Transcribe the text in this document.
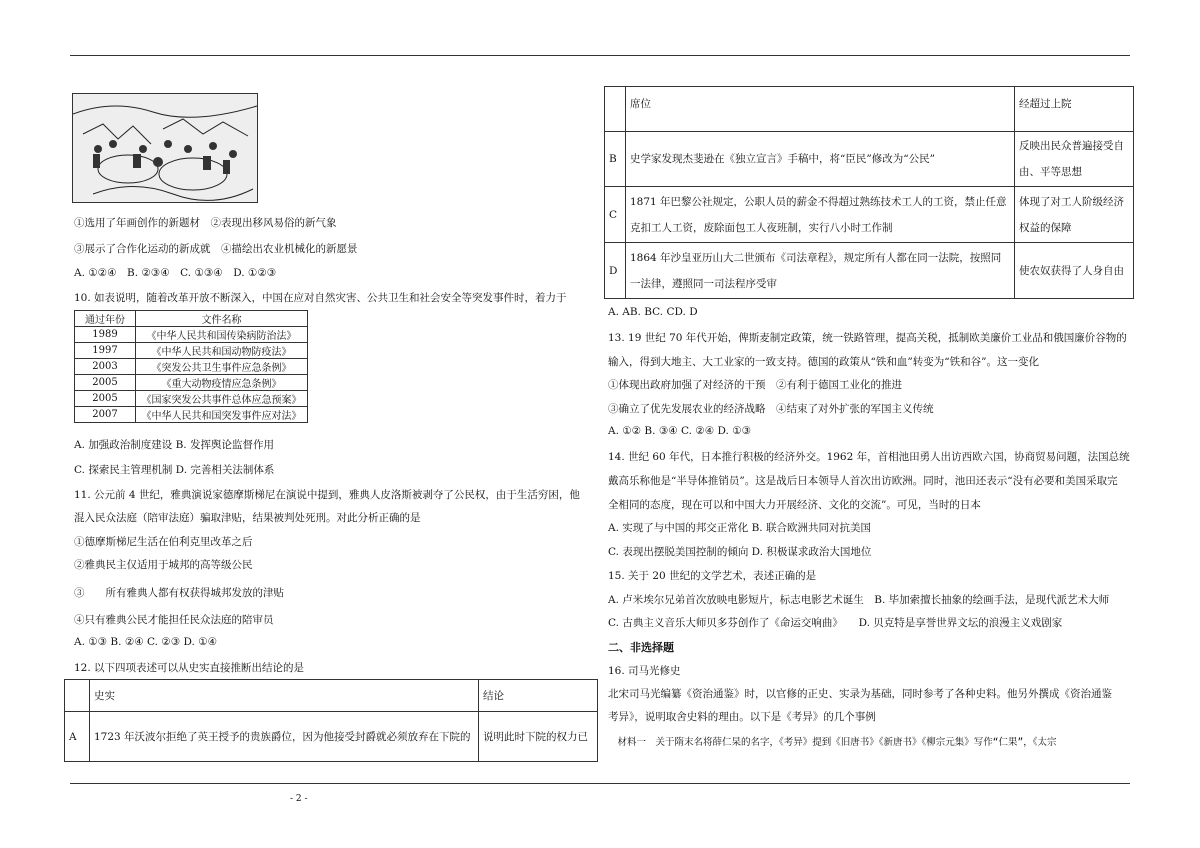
①选用了年画创作的新题材　②表现出移风易俗的新气象
③展示了合作化运动的新成就　④描绘出农业机械化的新愿景
A. ①②④　B. ②③④　C. ①③④　D. ①②③
10. 如表说明，随着改革开放不断深入，中国在应对自然灾害、公共卫生和社会安全等突发事件时，着力于
通过年份	文件名称
1989	《中华人民共和国传染病防治法》
1997	《中华人民共和国动物防疫法》
2003	《突发公共卫生事件应急条例》
2005	《重大动物疫情应急条例》
2005	《国家突发公共事件总体应急预案》
2007	《中华人民共和国突发事件应对法》
A. 加强政治制度建设 B. 发挥舆论监督作用
C. 探索民主管理机制 D. 完善相关法制体系
11. 公元前 4 世纪，雅典演说家德摩斯梯尼在演说中提到，雅典人皮洛斯被剥夺了公民权，由于生活穷困，他
混入民众法庭（陪审法庭）骗取津贴，结果被判处死刑。对此分析正确的是
①德摩斯梯尼生活在伯利克里改革之后
②雅典民主仅适用于城邦的高等级公民
③　　所有雅典人都有权获得城邦发放的津贴
④只有雅典公民才能担任民众法庭的陪审员
A. ①③ B. ②④ C. ②③ D. ①④
12. 以下四项表述可以从史实直接推断出结论的是
	史实	结论
A	1723 年沃波尔拒绝了英王授予的贵族爵位，因为他接受封爵就必须放弃在下院的	说明此时下院的权力已
	席位	经超过上院
B	史学家发现杰斐逊在《独立宣言》手稿中，将“臣民”修改为“公民”	反映出民众普遍接受自由、平等思想
C	1871 年巴黎公社规定，公职人员的薪金不得超过熟练技术工人的工资，禁止任意克扣工人工资，废除面包工人夜班制，实行八小时工作制	体现了对工人阶级经济权益的保障
D	1864 年沙皇亚历山大二世颁布《司法章程》，规定所有人都在同一法院，按照同一法律，遵照同一司法程序受审	使农奴获得了人身自由
A. AB. BC. CD. D
13. 19 世纪 70 年代开始，俾斯麦制定政策，统一铁路管理，提高关税，抵制欧美廉价工业品和俄国廉价谷物的
输入，得到大地主、大工业家的一致支持。德国的政策从“铁和血”转变为“铁和谷”。这一变化
①体现出政府加强了对经济的干预　②有利于德国工业化的推进
③确立了优先发展农业的经济战略　④结束了对外扩张的军国主义传统
A. ①② B. ③④ C. ②④ D. ①③
14. 世纪 60 年代，日本推行积极的经济外交。1962 年，首相池田勇人出访西欧六国，协商贸易问题，法国总统
戴高乐称他是“半导体推销员”。这是战后日本领导人首次出访欧洲。同时，池田还表示“没有必要和美国采取完
全相同的态度，现在可以和中国大力开展经济、文化的交流”。可见，当时的日本
A. 实现了与中国的邦交正常化 B. 联合欧洲共同对抗美国
C. 表现出摆脱美国控制的倾向 D. 积极谋求政治大国地位
15. 关于 20 世纪的文学艺术，表述正确的是
A. 卢米埃尔兄弟首次放映电影短片，标志电影艺术诞生　B. 毕加索擅长抽象的绘画手法，是现代派艺术大师
C. 古典主义音乐大师贝多芬创作了《命运交响曲》　　D. 贝克特是享誉世界文坛的浪漫主义戏剧家
二、非选择题
16. 司马光修史
北宋司马光编纂《资治通鉴》时，以官修的正史、实录为基础，同时参考了各种史料。他另外撰成《资治通鉴
考异》，说明取舍史料的理由。以下是《考异》的几个事例
　材料一　关于隋末名将薛仁杲的名字，《考异》提到《旧唐书》《新唐书》《柳宗元集》写作“仁果”，《太宗
- 2 -
